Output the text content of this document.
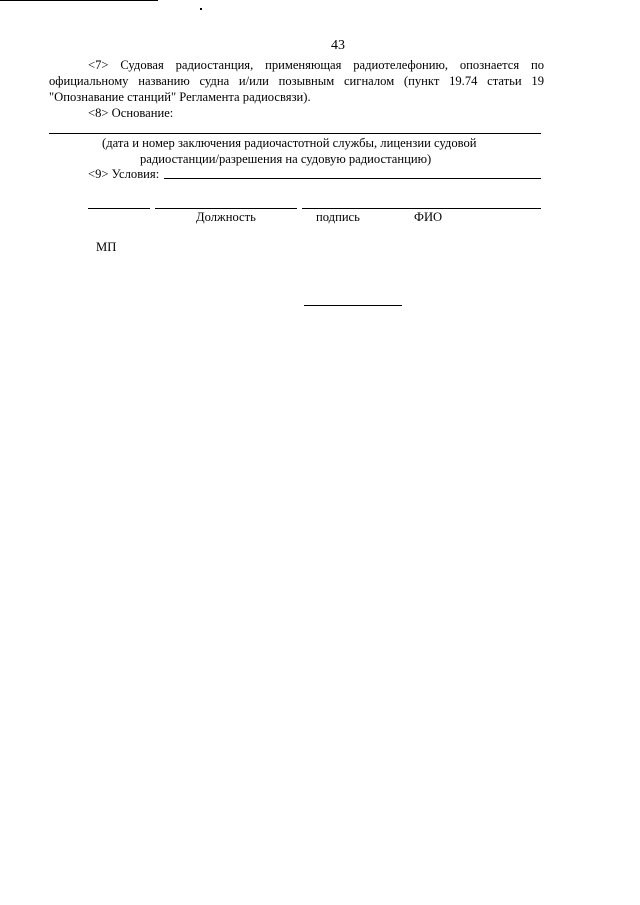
43
<7> Судовая радиостанция, применяющая радиотелефонию, опознается по официальному названию судна и/или позывным сигналом (пункт 19.74 статьи 19 "Опознавание станций" Регламента радиосвязи).
<8> Основание:
(дата и номер заключения радиочастотной службы, лицензии судовой
радиостанции/разрешения на судовую радиостанцию)
<9> Условия:
Должность	подпись	ФИО
МП
